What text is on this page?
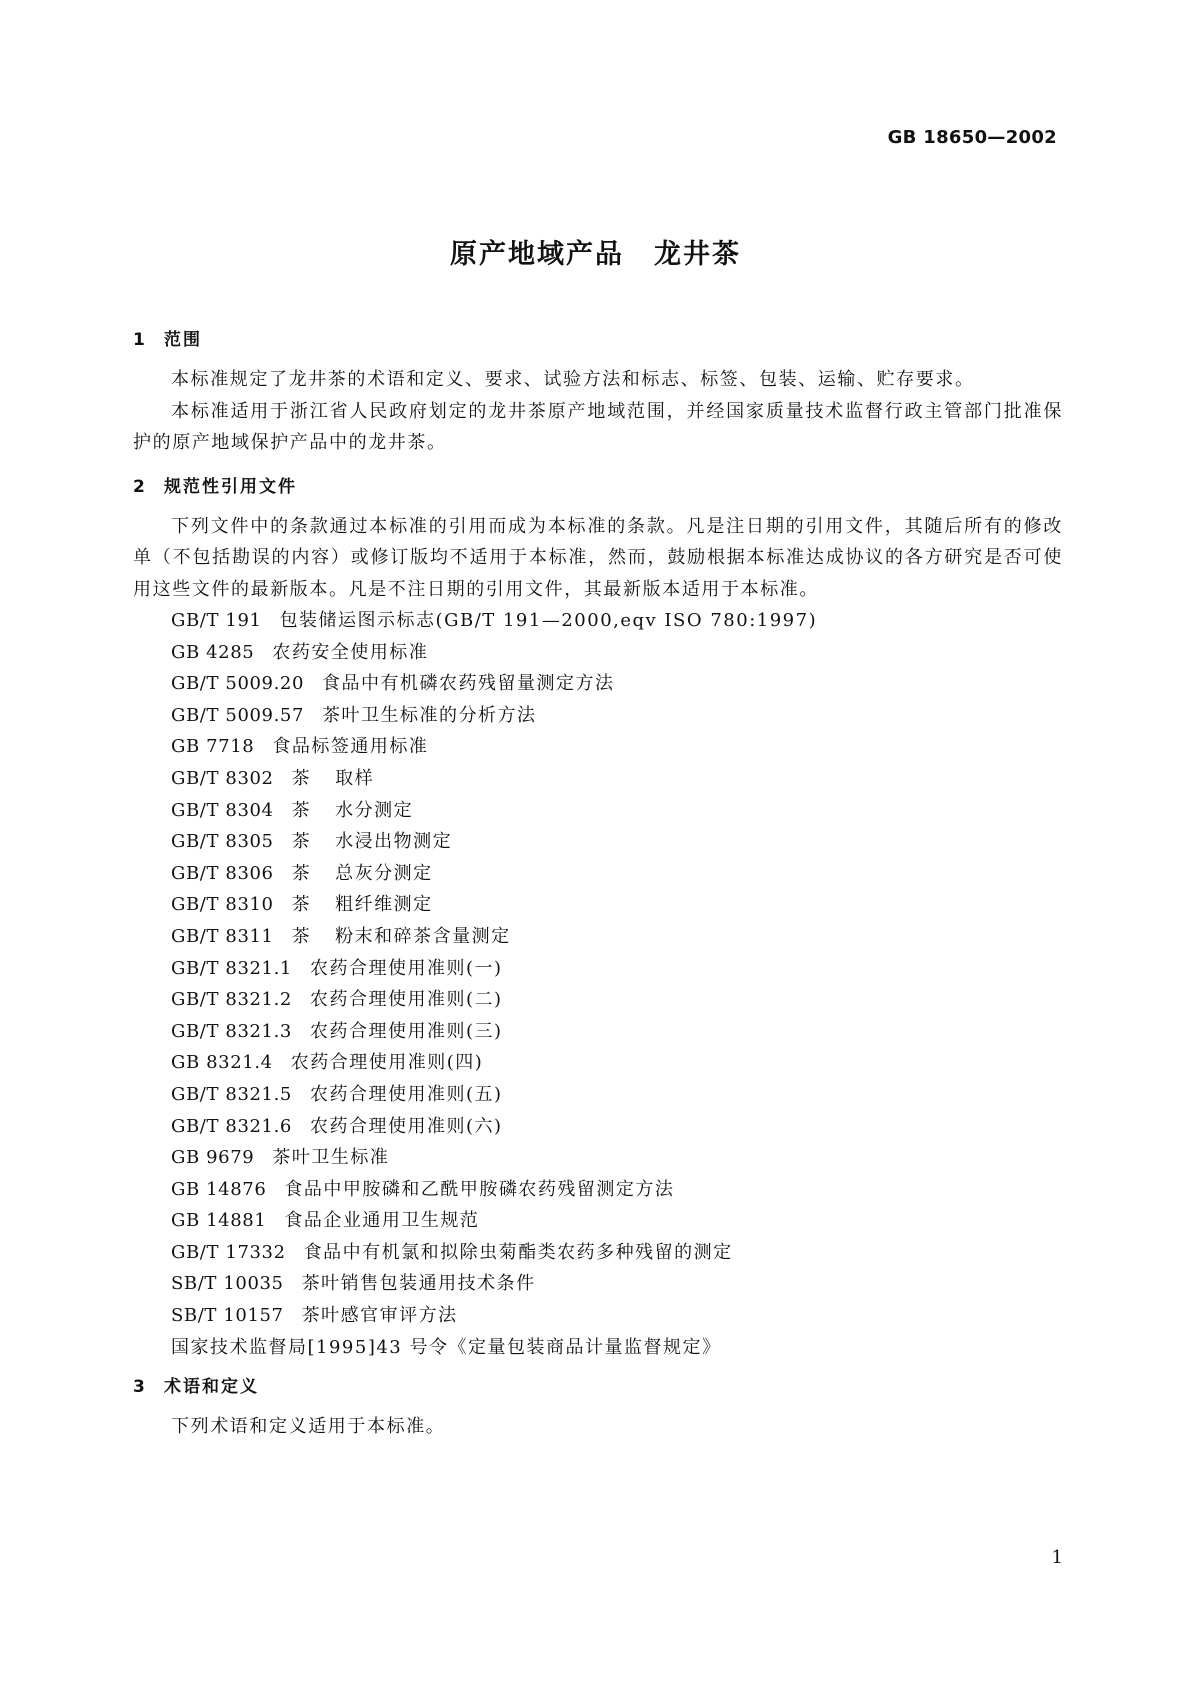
GB 18650—2002
原产地域产品 龙井茶
1 范围
本标准规定了龙井茶的术语和定义、要求、试验方法和标志、标签、包装、运输、贮存要求。
本标准适用于浙江省人民政府划定的龙井茶原产地域范围，并经国家质量技术监督行政主管部门批准保护的原产地域保护产品中的龙井茶。
2 规范性引用文件
下列文件中的条款通过本标准的引用而成为本标准的条款。凡是注日期的引用文件，其随后所有的修改单（不包括勘误的内容）或修订版均不适用于本标准，然而，鼓励根据本标准达成协议的各方研究是否可使用这些文件的最新版本。凡是不注日期的引用文件，其最新版本适用于本标准。
GB/T 191 包装储运图示标志(GB/T 191—2000,eqv ISO 780:1997)
GB 4285 农药安全使用标准
GB/T 5009.20 食品中有机磷农药残留量测定方法
GB/T 5009.57 茶叶卫生标准的分析方法
GB 7718 食品标签通用标准
GB/T 8302 茶 取样
GB/T 8304 茶 水分测定
GB/T 8305 茶 水浸出物测定
GB/T 8306 茶 总灰分测定
GB/T 8310 茶 粗纤维测定
GB/T 8311 茶 粉末和碎茶含量测定
GB/T 8321.1 农药合理使用准则(一)
GB/T 8321.2 农药合理使用准则(二)
GB/T 8321.3 农药合理使用准则(三)
GB 8321.4 农药合理使用准则(四)
GB/T 8321.5 农药合理使用准则(五)
GB/T 8321.6 农药合理使用准则(六)
GB 9679 茶叶卫生标准
GB 14876 食品中甲胺磷和乙酰甲胺磷农药残留测定方法
GB 14881 食品企业通用卫生规范
GB/T 17332 食品中有机氯和拟除虫菊酯类农药多种残留的测定
SB/T 10035 茶叶销售包装通用技术条件
SB/T 10157 茶叶感官审评方法
国家技术监督局[1995]43 号令《定量包装商品计量监督规定》
3 术语和定义
下列术语和定义适用于本标准。
1
